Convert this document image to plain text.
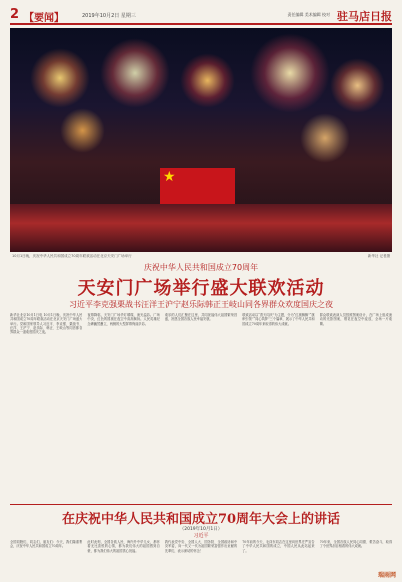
2 【要闻】	2019年10月2日 星期三	责任编辑 美术编辑 校对 驻马店日报
★
10月1日晚，庆祝中华人民共和国成立70周年联欢活动在北京天安门广场举行	新华社 记者摄
庆祝中华人民共和国成立70周年
天安门广场举行盛大联欢活动
习近平李克强栗战书汪洋王沪宁赵乐际韩正王岐山同各界群众欢度国庆之夜
新华社北京10月1日电 10月1日晚，庆祝中华人民共和国成立70周年联欢活动在北京天安门广场盛大举行。党和国家领导人习近平、李克强、栗战书、汪洋、王沪宁、赵乐际、韩正、王岐山等同首都各界群众一道欢度国庆之夜。
夜幕降临，天安门广场华灯璀璨，流光溢彩。广场中央，红色的国旗在夜空中高高飘扬。人民英雄纪念碑巍然矗立，两侧的大型屏幕绚丽多彩。
欢乐的人们汇聚在这里，共同祝福伟大祖国繁荣昌盛，祝愿全国各族人民幸福安康。
联欢活动以“普天同庆”为主题，分为“红旗飘飘”“旗帜引领”“同心筑梦”三个篇章，展示了中华人民共和国成立70周年来取得的伟大成就。
群众联欢表演人员按照图案设计，在广场上组成流动的光影图案，烟花在夜空中绽放，全场一片欢腾。
在庆祝中华人民共和国成立70周年大会上的讲话
（2019年10月1日）
习近平
全国同胞们，同志们，朋友们：今天，我们隆重集会，庆祝中华人民共和国成立70周年。
此时此刻，全国各族人民、海内外中华儿女，都怀着无比喜悦的心情，都为我们伟大的祖国感到自豪，都为我们伟大的祖国衷心祝福。
我代表党中央、全国人大、国务院、全国政协和中央军委，向一代又一代为祖国繁荣富强作出贡献的先辈们，表示深切的怀念！
70年前的今天，毛泽东同志在这里向世界庄严宣告了中华人民共和国的成立，中国人民从此站起来了。
70年来，全国各族人民同心同德、艰苦奋斗，取得了令世界刮目相看的伟大成就。
瑞雨网
